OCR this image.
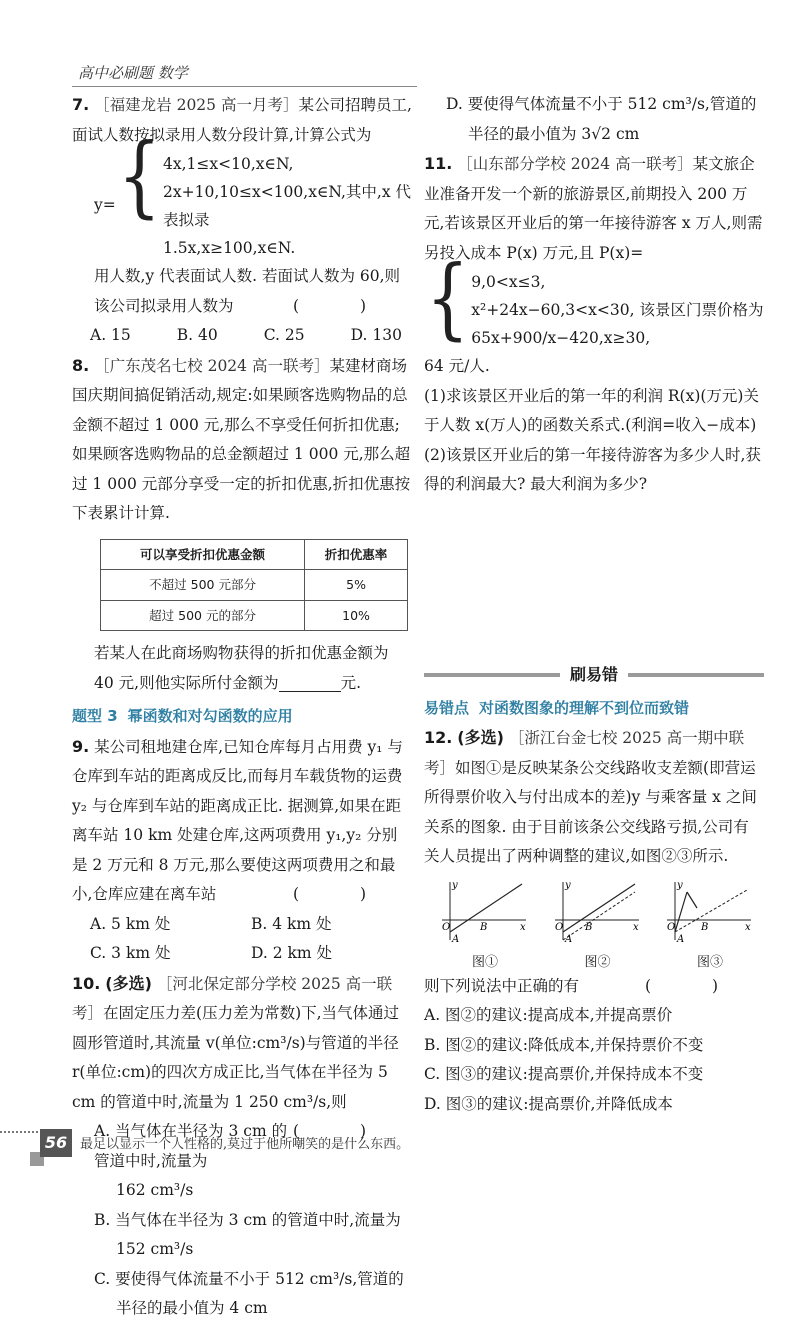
高中必刷题 数学
7. ［福建龙岩 2025 高一月考］某公司招聘员工,面试人数按拟录用人数分段计算,计算公式为
y= { 4x,1≤x<10,x∈N,
2x+10,10≤x<100,x∈N,其中,x 代表拟录
1.5x,x≥100,x∈N.
用人数,y 代表面试人数. 若面试人数为 60,则该公司拟录用人数为	( )
A. 15	B. 40	C. 25	D. 130
8. ［广东茂名七校 2024 高一联考］某建材商场国庆期间搞促销活动,规定:如果顾客选购物品的总金额不超过 1 000 元,那么不享受任何折扣优惠;如果顾客选购物品的总金额超过 1 000 元,那么超过 1 000 元部分享受一定的折扣优惠,折扣优惠按下表累计计算.
可以享受折扣优惠金额	折扣优惠率
不超过 500 元部分	5%
超过 500 元的部分	10%
若某人在此商场购物获得的折扣优惠金额为 40 元,则他实际所付金额为	元.
题型 3 幂函数和对勾函数的应用
9. 某公司租地建仓库,已知仓库每月占用费 y₁ 与仓库到车站的距离成反比,而每月车载货物的运费 y₂ 与仓库到车站的距离成正比. 据测算,如果在距离车站 10 km 处建仓库,这两项费用 y₁,y₂ 分别是 2 万元和 8 万元,那么要使这两项费用之和最小,仓库应建在离车站	( )
A. 5 km 处	B. 4 km 处
C. 3 km 处	D. 2 km 处
10. (多选) ［河北保定部分学校 2025 高一联考］在固定压力差(压力差为常数)下,当气体通过圆形管道时,其流量 v(单位:cm³/s)与管道的半径 r(单位:cm)的四次方成正比,当气体在半径为 5 cm 的管道中时,流量为 1 250 cm³/s,则
( )
A. 当气体在半径为 3 cm 的管道中时,流量为
162 cm³/s
B. 当气体在半径为 3 cm 的管道中时,流量为
152 cm³/s
C. 要使得气体流量不小于 512 cm³/s,管道的
半径的最小值为 4 cm
D. 要使得气体流量不小于 512 cm³/s,管道的
半径的最小值为 3√2 cm
11. ［山东部分学校 2024 高一联考］某文旅企业准备开发一个新的旅游景区,前期投入 200 万元,若该景区开业后的第一年接待游客 x 万人,则需另投入成本 P(x) 万元,且 P(x)=
{ 9,0<x≤3,
x²+24x−60,3<x<30, 该景区门票价格为
65x+900/x−420,x≥30,
64 元/人.
(1)求该景区开业后的第一年的利润 R(x)(万元)关于人数 x(万人)的函数关系式.(利润=收入−成本)
(2)该景区开业后的第一年接待游客为多少人时,获得的利润最大? 最大利润为多少?
刷易错
易错点 对函数图象的理解不到位而致错
12. (多选) ［浙江台金七校 2025 高一期中联考］如图①是反映某条公交线路收支差额(即营运所得票价收入与付出成本的差)y 与乘客量 x 之间关系的图象. 由于目前该条公交线路亏损,公司有关人员提出了两种调整的建议,如图②③所示.
y
x
O
A
B
图①
y
x
O
A
B
图②
y
x
O
A
B
图③
则下列说法中正确的有	( )
A. 图②的建议:提高成本,并提高票价
B. 图②的建议:降低成本,并保持票价不变
C. 图③的建议:提高票价,并保持成本不变
D. 图③的建议:提高票价,并降低成本
56 最足以显示一个人性格的,莫过于他所嘲笑的是什么东西。
